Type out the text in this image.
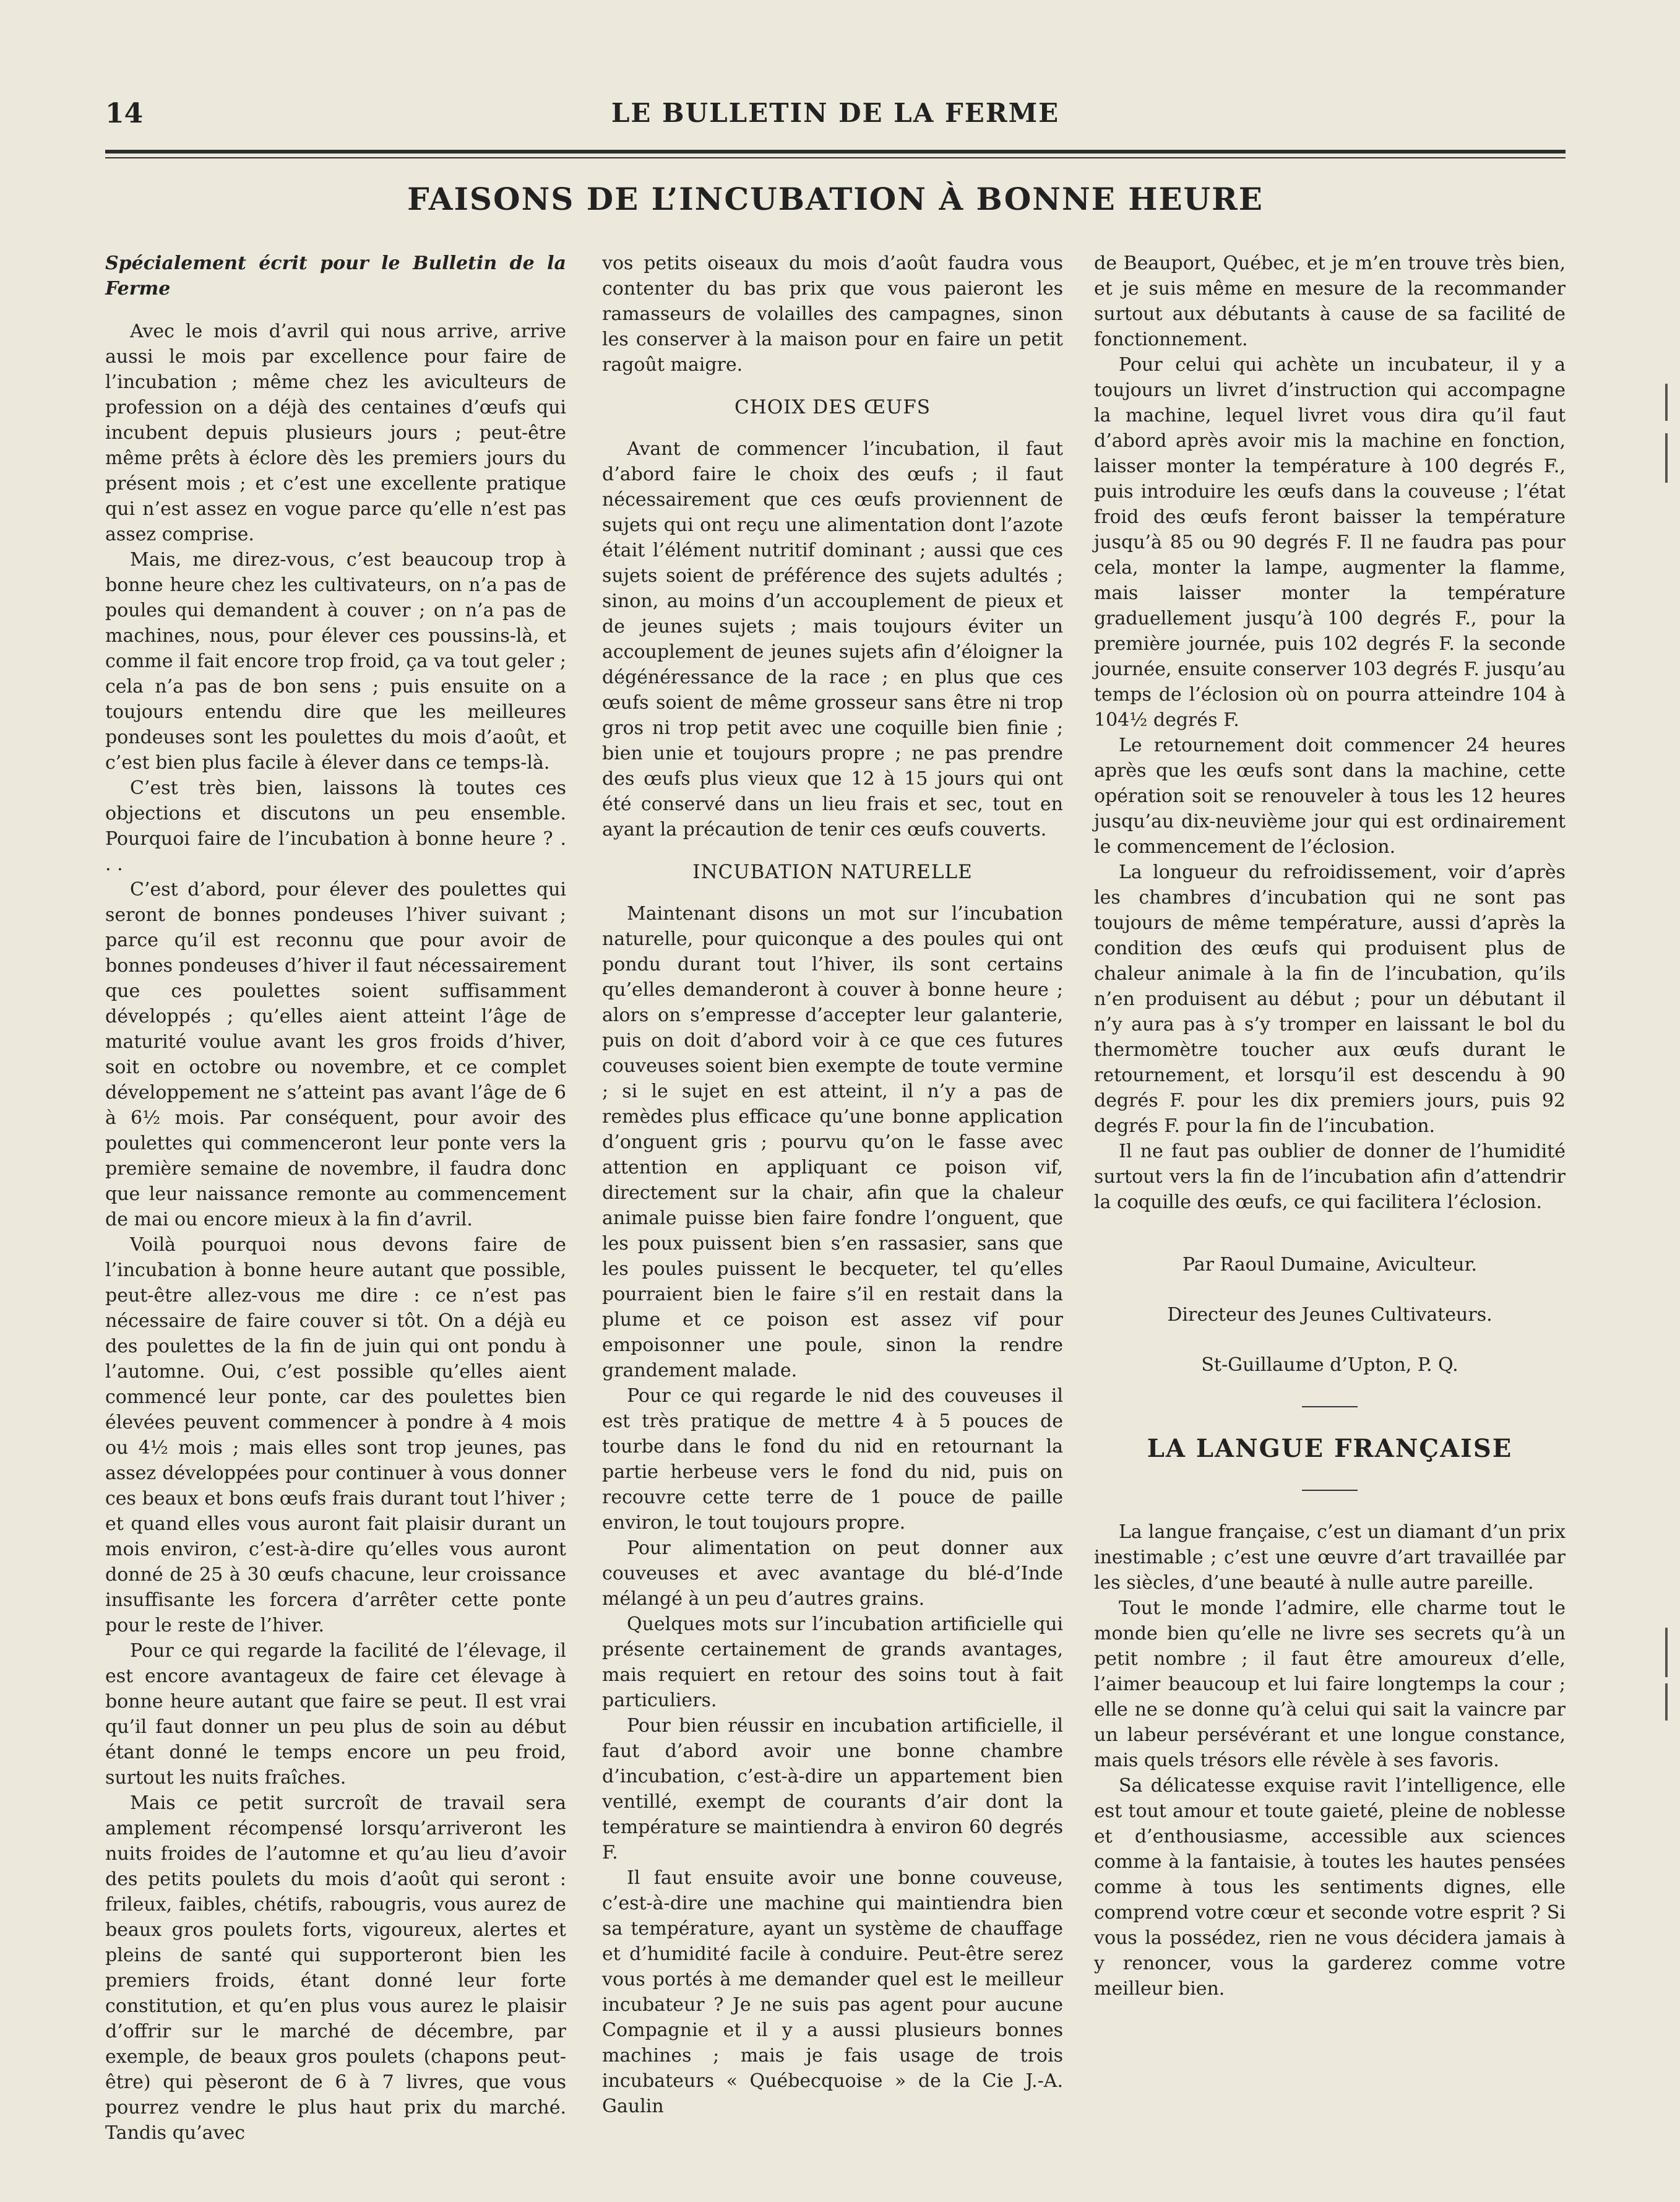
14	LE BULLETIN DE LA FERME
FAISONS DE L’INCUBATION À BONNE HEURE

Spécialement écrit pour le Bulletin de la Ferme

Avec le mois d’avril qui nous arrive, arrive aussi le mois par excellence pour faire de l’incubation ; même chez les aviculteurs de profession on a déjà des centaines d’œufs qui incubent depuis plusieurs jours ; peut-être même prêts à éclore dès les premiers jours du présent mois ; et c’est une excellente pratique qui n’est assez en vogue parce qu’elle n’est pas assez comprise.

Mais, me direz-vous, c’est beaucoup trop à bonne heure chez les cultivateurs, on n’a pas de poules qui demandent à couver ; on n’a pas de machines, nous, pour élever ces poussins-là, et comme il fait encore trop froid, ça va tout geler ; cela n’a pas de bon sens ; puis ensuite on a toujours entendu dire que les meilleures pondeuses sont les poulettes du mois d’août, et c’est bien plus facile à élever dans ce temps-là.

C’est très bien, laissons là toutes ces objections et discutons un peu ensemble. Pourquoi faire de l’incubation à bonne heure ? . . .

C’est d’abord, pour élever des poulettes qui seront de bonnes pondeuses l’hiver suivant ; parce qu’il est reconnu que pour avoir de bonnes pondeuses d’hiver il faut nécessairement que ces poulettes soient suffisamment développés ; qu’elles aient atteint l’âge de maturité voulue avant les gros froids d’hiver, soit en octobre ou novembre, et ce complet développement ne s’atteint pas avant l’âge de 6 à 6½ mois. Par conséquent, pour avoir des poulettes qui commenceront leur ponte vers la première semaine de novembre, il faudra donc que leur naissance remonte au commencement de mai ou encore mieux à la fin d’avril.

Voilà pourquoi nous devons faire de l’incubation à bonne heure autant que possible, peut-être allez-vous me dire : ce n’est pas nécessaire de faire couver si tôt. On a déjà eu des poulettes de la fin de juin qui ont pondu à l’automne. Oui, c’est possible qu’elles aient commencé leur ponte, car des poulettes bien élevées peuvent commencer à pondre à 4 mois ou 4½ mois ; mais elles sont trop jeunes, pas assez développées pour continuer à vous donner ces beaux et bons œufs frais durant tout l’hiver ; et quand elles vous auront fait plaisir durant un mois environ, c’est-à-dire qu’elles vous auront donné de 25 à 30 œufs chacune, leur croissance insuffisante les forcera d’arrêter cette ponte pour le reste de l’hiver.

Pour ce qui regarde la facilité de l’élevage, il est encore avantageux de faire cet élevage à bonne heure autant que faire se peut. Il est vrai qu’il faut donner un peu plus de soin au début étant donné le temps encore un peu froid, surtout les nuits fraîches.

Mais ce petit surcroît de travail sera amplement récompensé lorsqu’arriveront les nuits froides de l’automne et qu’au lieu d’avoir des petits poulets du mois d’août qui seront : frileux, faibles, chétifs, rabougris, vous aurez de beaux gros poulets forts, vigoureux, alertes et pleins de santé qui supporteront bien les premiers froids, étant donné leur forte constitution, et qu’en plus vous aurez le plaisir d’offrir sur le marché de décembre, par exemple, de beaux gros poulets (chapons peut-être) qui pèseront de 6 à 7 livres, que vous pourrez vendre le plus haut prix du marché. Tandis qu’avec

vos petits oiseaux du mois d’août faudra vous contenter du bas prix que vous paieront les ramasseurs de volailles des campagnes, sinon les conserver à la maison pour en faire un petit ragoût maigre.

CHOIX DES ŒUFS

Avant de commencer l’incubation, il faut d’abord faire le choix des œufs ; il faut nécessairement que ces œufs proviennent de sujets qui ont reçu une alimentation dont l’azote était l’élément nutritif dominant ; aussi que ces sujets soient de préférence des sujets adultés ; sinon, au moins d’un accouplement de pieux et de jeunes sujets ; mais toujours éviter un accouplement de jeunes sujets afin d’éloigner la dégénéressance de la race ; en plus que ces œufs soient de même grosseur sans être ni trop gros ni trop petit avec une coquille bien finie ; bien unie et toujours propre ; ne pas prendre des œufs plus vieux que 12 à 15 jours qui ont été conservé dans un lieu frais et sec, tout en ayant la précaution de tenir ces œufs couverts.

INCUBATION NATURELLE

Maintenant disons un mot sur l’incubation naturelle, pour quiconque a des poules qui ont pondu durant tout l’hiver, ils sont certains qu’elles demanderont à couver à bonne heure ; alors on s’empresse d’accepter leur galanterie, puis on doit d’abord voir à ce que ces futures couveuses soient bien exempte de toute vermine ; si le sujet en est atteint, il n’y a pas de remèdes plus efficace qu’une bonne application d’onguent gris ; pourvu qu’on le fasse avec attention en appliquant ce poison vif, directement sur la chair, afin que la chaleur animale puisse bien faire fondre l’onguent, que les poux puissent bien s’en rassasier, sans que les poules puissent le becqueter, tel qu’elles pourraient bien le faire s’il en restait dans la plume et ce poison est assez vif pour empoisonner une poule, sinon la rendre grandement malade.

Pour ce qui regarde le nid des couveuses il est très pratique de mettre 4 à 5 pouces de tourbe dans le fond du nid en retournant la partie herbeuse vers le fond du nid, puis on recouvre cette terre de 1 pouce de paille environ, le tout toujours propre.

Pour alimentation on peut donner aux couveuses et avec avantage du blé-d’Inde mélangé à un peu d’autres grains.

Quelques mots sur l’incubation artificielle qui présente certainement de grands avantages, mais requiert en retour des soins tout à fait particuliers.

Pour bien réussir en incubation artificielle, il faut d’abord avoir une bonne chambre d’incubation, c’est-à-dire un appartement bien ventillé, exempt de courants d’air dont la température se maintiendra à environ 60 degrés F.

Il faut ensuite avoir une bonne couveuse, c’est-à-dire une machine qui maintiendra bien sa température, ayant un système de chauffage et d’humidité facile à conduire. Peut-être serez vous portés à me demander quel est le meilleur incubateur ? Je ne suis pas agent pour aucune Compagnie et il y a aussi plusieurs bonnes machines ; mais je fais usage de trois incubateurs « Québecquoise » de la Cie J.-A. Gaulin

de Beauport, Québec, et je m’en trouve très bien, et je suis même en mesure de la recommander surtout aux débutants à cause de sa facilité de fonctionnement.

Pour celui qui achète un incubateur, il y a toujours un livret d’instruction qui accompagne la machine, lequel livret vous dira qu’il faut d’abord après avoir mis la machine en fonction, laisser monter la température à 100 degrés F., puis introduire les œufs dans la couveuse ; l’état froid des œufs feront baisser la température jusqu’à 85 ou 90 degrés F. Il ne faudra pas pour cela, monter la lampe, augmenter la flamme, mais laisser monter la température graduellement jusqu’à 100 degrés F., pour la première journée, puis 102 degrés F. la seconde journée, ensuite conserver 103 degrés F. jusqu’au temps de l’éclosion où on pourra atteindre 104 à 104½ degrés F.

Le retournement doit commencer 24 heures après que les œufs sont dans la machine, cette opération soit se renouveler à tous les 12 heures jusqu’au dix-neuvième jour qui est ordinairement le commencement de l’éclosion.

La longueur du refroidissement, voir d’après les chambres d’incubation qui ne sont pas toujours de même température, aussi d’après la condition des œufs qui produisent plus de chaleur animale à la fin de l’incubation, qu’ils n’en produisent au début ; pour un débutant il n’y aura pas à s’y tromper en laissant le bol du thermomètre toucher aux œufs durant le retournement, et lorsqu’il est descendu à 90 degrés F. pour les dix premiers jours, puis 92 degrés F. pour la fin de l’incubation.

Il ne faut pas oublier de donner de l’humidité surtout vers la fin de l’incubation afin d’attendrir la coquille des œufs, ce qui facilitera l’éclosion.

Par Raoul Dumaine, Aviculteur.

Directeur des Jeunes Cultivateurs.

St-Guillaume d’Upton, P. Q.

LA LANGUE FRANÇAISE

La langue française, c’est un diamant d’un prix inestimable ; c’est une œuvre d’art travaillée par les siècles, d’une beauté à nulle autre pareille.

Tout le monde l’admire, elle charme tout le monde bien qu’elle ne livre ses secrets qu’à un petit nombre ; il faut être amoureux d’elle, l’aimer beaucoup et lui faire longtemps la cour ; elle ne se donne qu’à celui qui sait la vaincre par un labeur persévérant et une longue constance, mais quels trésors elle révèle à ses favoris.

Sa délicatesse exquise ravit l’intelligence, elle est tout amour et toute gaieté, pleine de noblesse et d’enthousiasme, accessible aux sciences comme à la fantaisie, à toutes les hautes pensées comme à tous les sentiments dignes, elle comprend votre cœur et seconde votre esprit ? Si vous la possédez, rien ne vous décidera jamais à y renoncer, vous la garderez comme votre meilleur bien.
